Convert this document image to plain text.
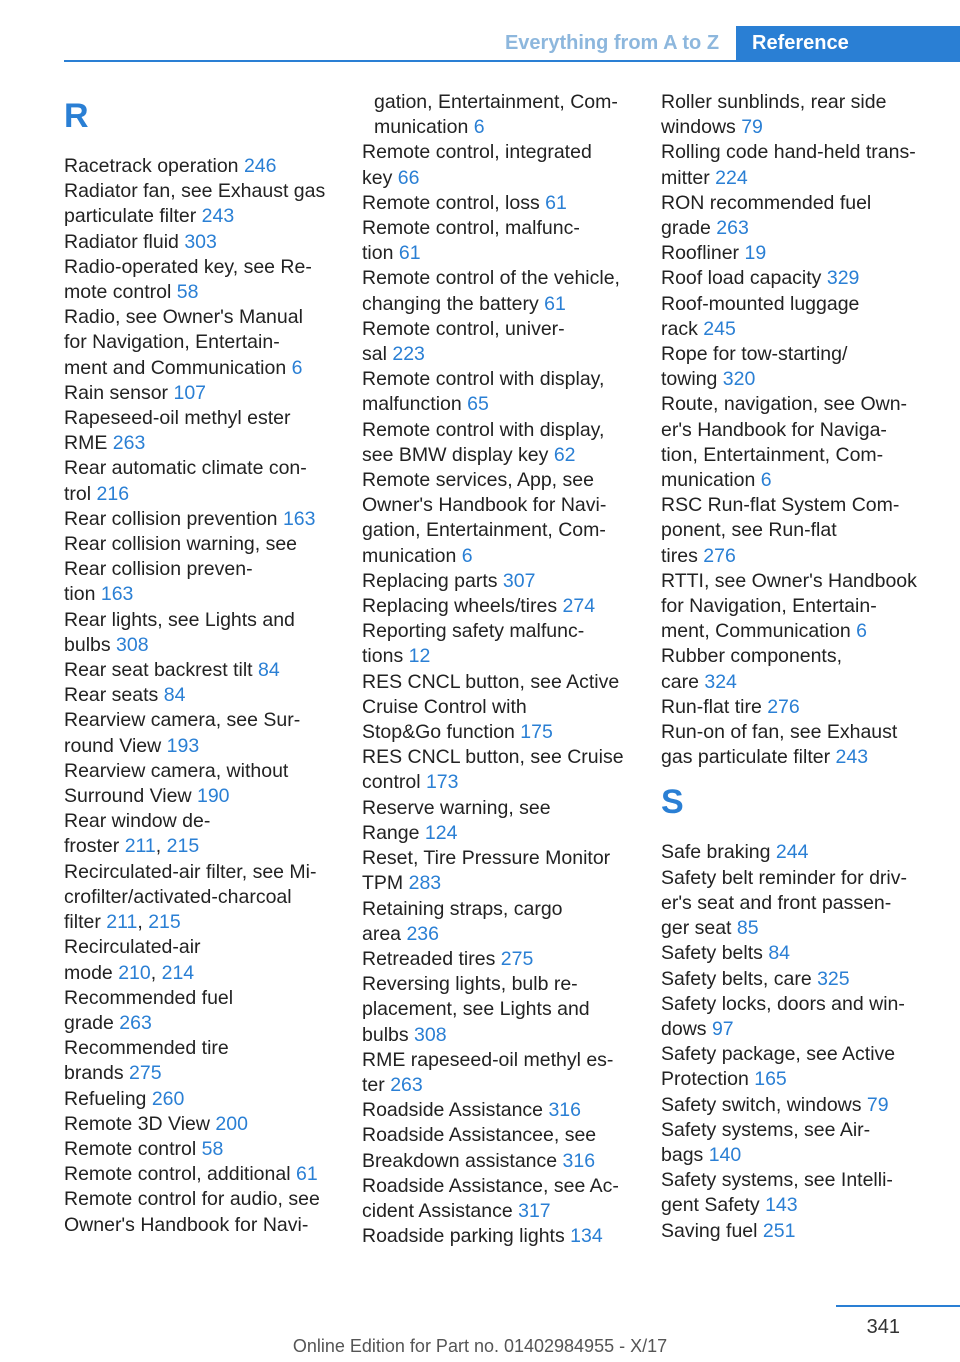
Everything from A to Z	Reference
R
Racetrack operation 246
Radiator fan, see Exhaust gas
particulate filter 243
Radiator fluid 303
Radio-operated key, see Re-
mote control 58
Radio, see Owner's Manual
for Navigation, Entertain-
ment and Communication 6
Rain sensor 107
Rapeseed-oil methyl ester
RME 263
Rear automatic climate con-
trol 216
Rear collision prevention 163
Rear collision warning, see
Rear collision preven-
tion 163
Rear lights, see Lights and
bulbs 308
Rear seat backrest tilt 84
Rear seats 84
Rearview camera, see Sur-
round View 193
Rearview camera, without
Surround View 190
Rear window de-
froster 211, 215
Recirculated-air filter, see Mi-
crofilter/activated-charcoal
filter 211, 215
Recirculated-air
mode 210, 214
Recommended fuel
grade 263
Recommended tire
brands 275
Refueling 260
Remote 3D View 200
Remote control 58
Remote control, additional 61
Remote control for audio, see
Owner's Handbook for Navi-
gation, Entertainment, Com-
munication 6
Remote control, integrated
key 66
Remote control, loss 61
Remote control, malfunc-
tion 61
Remote control of the vehicle,
changing the battery 61
Remote control, univer-
sal 223
Remote control with display,
malfunction 65
Remote control with display,
see BMW display key 62
Remote services, App, see
Owner's Handbook for Navi-
gation, Entertainment, Com-
munication 6
Replacing parts 307
Replacing wheels/tires 274
Reporting safety malfunc-
tions 12
RES CNCL button, see Active
Cruise Control with
Stop&Go function 175
RES CNCL button, see Cruise
control 173
Reserve warning, see
Range 124
Reset, Tire Pressure Monitor
TPM 283
Retaining straps, cargo
area 236
Retreaded tires 275
Reversing lights, bulb re-
placement, see Lights and
bulbs 308
RME rapeseed-oil methyl es-
ter 263
Roadside Assistance 316
Roadside Assistancee, see
Breakdown assistance 316
Roadside Assistance, see Ac-
cident Assistance 317
Roadside parking lights 134
Roller sunblinds, rear side
windows 79
Rolling code hand-held trans-
mitter 224
RON recommended fuel
grade 263
Roofliner 19
Roof load capacity 329
Roof-mounted luggage
rack 245
Rope for tow-starting/
towing 320
Route, navigation, see Own-
er's Handbook for Naviga-
tion, Entertainment, Com-
munication 6
RSC Run-flat System Com-
ponent, see Run-flat
tires 276
RTTI, see Owner's Handbook
for Navigation, Entertain-
ment, Communication 6
Rubber components,
care 324
Run-flat tire 276
Run-on of fan, see Exhaust
gas particulate filter 243
S
Safe braking 244
Safety belt reminder for driv-
er's seat and front passen-
ger seat 85
Safety belts 84
Safety belts, care 325
Safety locks, doors and win-
dows 97
Safety package, see Active
Protection 165
Safety switch, windows 79
Safety systems, see Air-
bags 140
Safety systems, see Intelli-
gent Safety 143
Saving fuel 251
341
Online Edition for Part no. 01402984955 - X/17
